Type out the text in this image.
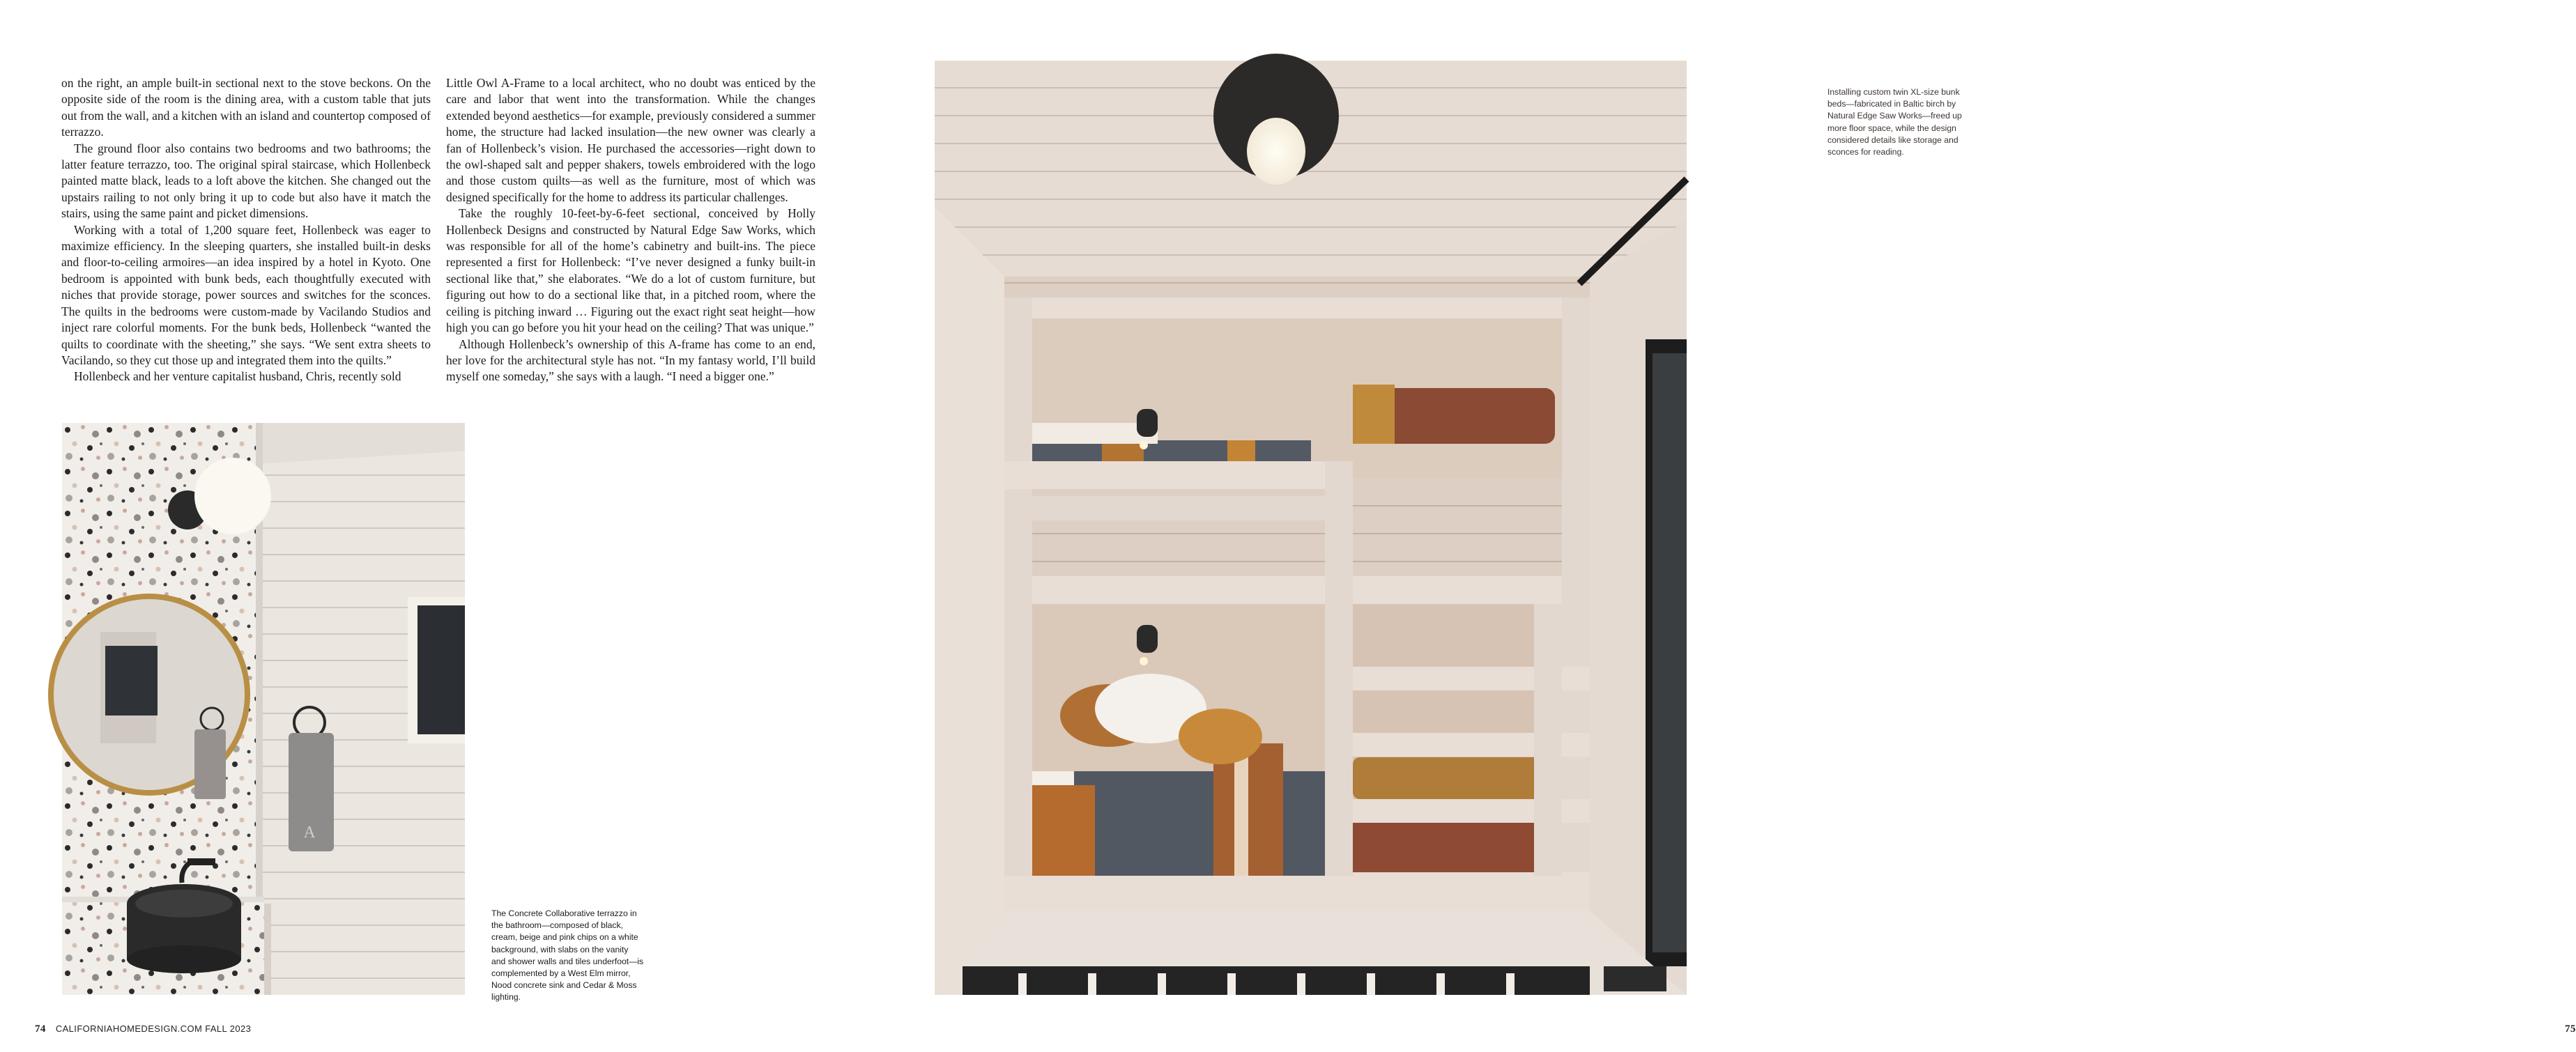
on the right, an ample built-in sectional next to the stove beckons. On the opposite side of the room is the dining area, with a custom table that juts out from the wall, and a kitchen with an island and countertop composed of terrazzo.

The ground floor also contains two bedrooms and two bathrooms; the latter feature terrazzo, too. The original spiral staircase, which Hollenbeck painted matte black, leads to a loft above the kitchen. She changed out the upstairs railing to not only bring it up to code but also have it match the stairs, using the same paint and picket dimensions.

Working with a total of 1,200 square feet, Hollenbeck was eager to maximize efficiency. In the sleeping quarters, she installed built-in desks and floor-to-ceiling armoires—an idea inspired by a hotel in Kyoto. One bedroom is appointed with bunk beds, each thoughtfully executed with niches that provide storage, power sources and switches for the sconces. The quilts in the bedrooms were custom-made by Vacilando Studios and inject rare colorful moments. For the bunk beds, Hollenbeck “wanted the quilts to coordinate with the sheeting,” she says. “We sent extra sheets to Vacilando, so they cut those up and integrated them into the quilts.”

Hollenbeck and her venture capitalist husband, Chris, recently sold

Little Owl A-Frame to a local architect, who no doubt was enticed by the care and labor that went into the transformation. While the changes extended beyond aesthetics—for example, previously considered a summer home, the structure had lacked insulation—the new owner was clearly a fan of Hollenbeck’s vision. He purchased the accessories—right down to the owl-shaped salt and pepper shakers, towels embroidered with the logo and those custom quilts—as well as the furniture, most of which was designed specifically for the home to address its particular challenges.

Take the roughly 10-feet-by-6-feet sectional, conceived by Holly Hollenbeck Designs and constructed by Natural Edge Saw Works, which was responsible for all of the home’s cabinetry and built-ins. The piece represented a first for Hollenbeck: “I’ve never designed a funky built-in sectional like that,” she elaborates. “We do a lot of custom furniture, but figuring out how to do a sectional like that, in a pitched room, where the ceiling is pitching inward … Figuring out the exact right seat height—how high you can go before you hit your head on the ceiling? That was unique.”

Although Hollenbeck’s ownership of this A-frame has come to an end, her love for the architectural style has not. “In my fantasy world, I’ll build myself one someday,” she says with a laugh. “I need a bigger one.”

A
The Concrete Collaborative terrazzo in the bathroom—composed of black, cream, beige and pink chips on a white background, with slabs on the vanity and shower walls and tiles underfoot—is complemented by a West Elm mirror, Nood concrete sink and Cedar & Moss lighting.
74 CALIFORNIAHOMEDESIGN.COM FALL 2023
Installing custom twin XL-size bunk beds—fabricated in Baltic birch by Natural Edge Saw Works—freed up more floor space, while the design considered details like storage and sconces for reading.
75
